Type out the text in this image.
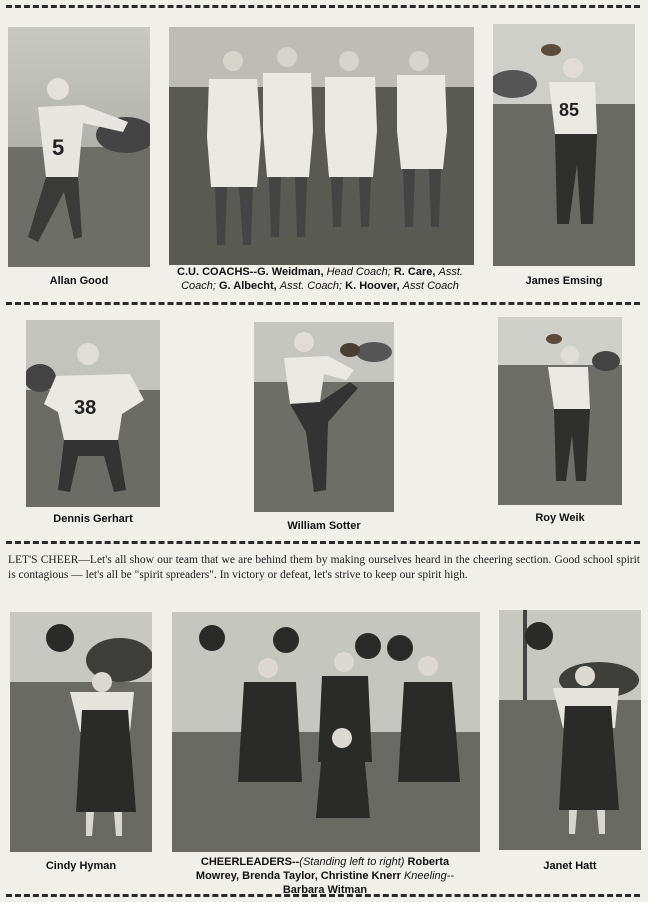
5
Allan Good
C.U. COACHS--G. Weidman, Head Coach; R. Care, Asst.
Coach; G. Albecht, Asst. Coach; K. Hoover, Asst Coach
85
James Emsing
38
Dennis Gerhart
William Sotter
Roy Weik
LET'S CHEER—Let's all show our team that we are behind them by making ourselves heard in the cheering section. Good school spirit is contagious — let's all be "spirit spreaders". In victory or defeat, let's strive to keep our spirit high.
Cindy Hyman	CHEERLEADERS--(Standing left to right) Roberta
Mowrey, Brenda Taylor, Christine Knerr Kneeling--
Barbara Witman
Janet Hatt
